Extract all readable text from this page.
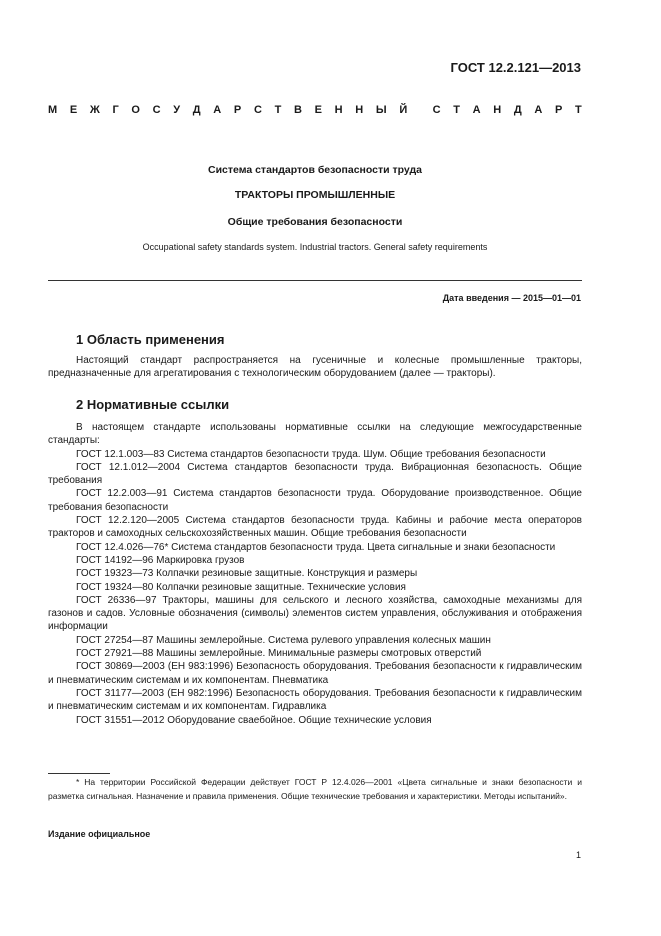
ГОСТ 12.2.121—2013
М Е Ж Г О С У Д А Р С Т В Е Н Н Ы Й С Т А Н Д А Р Т
Система стандартов безопасности труда
ТРАКТОРЫ ПРОМЫШЛЕННЫЕ
Общие требования безопасности
Occupational safety standards system. Industrial tractors. General safety requirements
Дата введения — 2015—01—01
1 Область применения
Настоящий стандарт распространяется на гусеничные и колесные промышленные тракторы, предназначенные для агрегатирования с технологическим оборудованием (далее — тракторы).
2 Нормативные ссылки
В настоящем стандарте использованы нормативные ссылки на следующие межгосударственные стандарты:
ГОСТ 12.1.003—83 Система стандартов безопасности труда. Шум. Общие требования безопасности
ГОСТ 12.1.012—2004 Система стандартов безопасности труда. Вибрационная безопасность. Общие требования
ГОСТ 12.2.003—91 Система стандартов безопасности труда. Оборудование производственное. Общие требования безопасности
ГОСТ 12.2.120—2005 Система стандартов безопасности труда. Кабины и рабочие места операторов тракторов и самоходных сельскохозяйственных машин. Общие требования безопасности
ГОСТ 12.4.026—76* Система стандартов безопасности труда. Цвета сигнальные и знаки безопасности
ГОСТ 14192—96 Маркировка грузов
ГОСТ 19323—73 Колпачки резиновые защитные. Конструкция и размеры
ГОСТ 19324—80 Колпачки резиновые защитные. Технические условия
ГОСТ 26336—97 Тракторы, машины для сельского и лесного хозяйства, самоходные механизмы для газонов и садов. Условные обозначения (символы) элементов систем управления, обслуживания и отображения информации
ГОСТ 27254—87 Машины землеройные. Система рулевого управления колесных машин
ГОСТ 27921—88 Машины землеройные. Минимальные размеры смотровых отверстий
ГОСТ 30869—2003 (ЕН 983:1996) Безопасность оборудования. Требования безопасности к гидравлическим и пневматическим системам и их компонентам. Пневматика
ГОСТ 31177—2003 (ЕН 982:1996) Безопасность оборудования. Требования безопасности к гидравлическим и пневматическим системам и их компонентам. Гидравлика
ГОСТ 31551—2012 Оборудование сваебойное. Общие технические условия
* На территории Российской Федерации действует ГОСТ Р 12.4.026—2001 «Цвета сигнальные и знаки безопасности и разметка сигнальная. Назначение и правила применения. Общие технические требования и характеристики. Методы испытаний».
Издание официальное
1
